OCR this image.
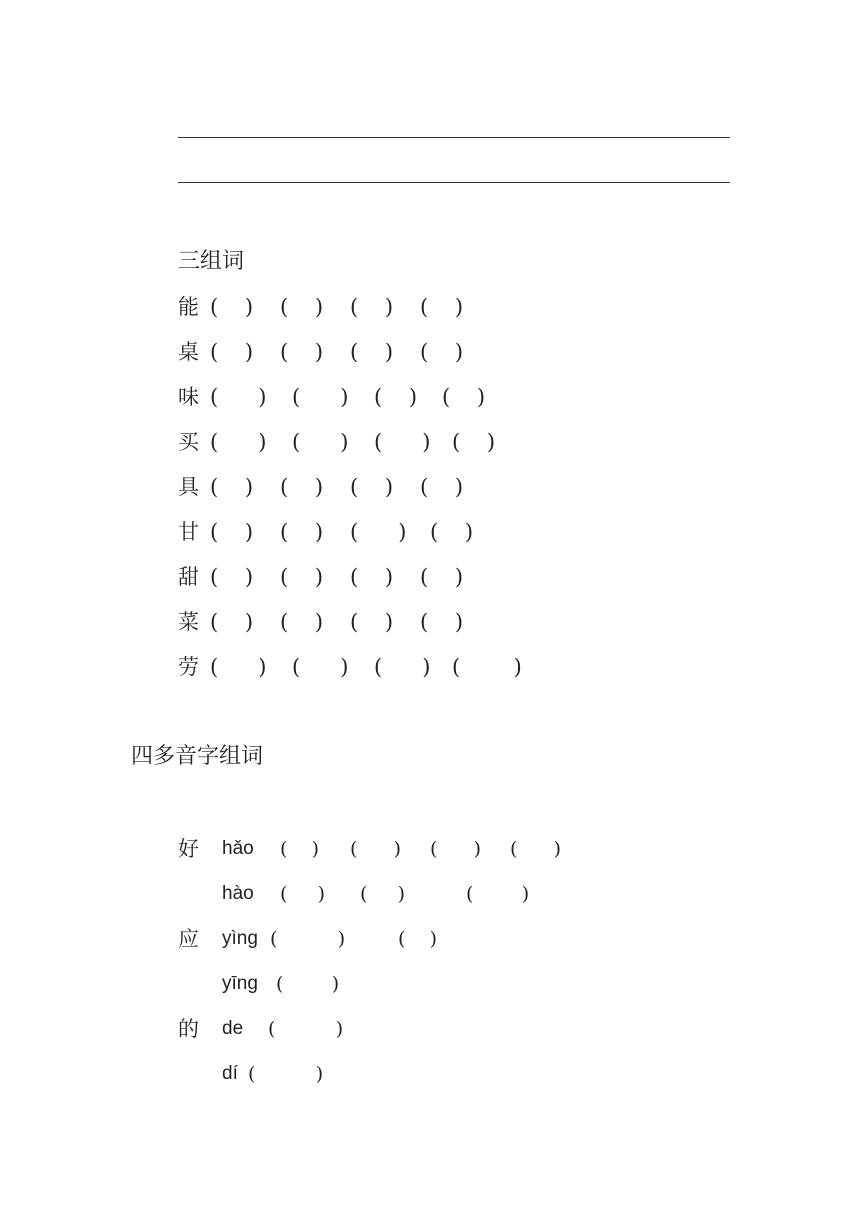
三组词
能 (    ) (    ) (    ) (    )
桌 (    ) (    ) (    ) (    )
味 (      ) (      ) (    ) (    )
买 (      ) (      ) (      ) (    )
具 (    ) (    ) (    ) (    )
甘 (    ) (    ) (      ) (    )
甜 (    ) (    ) (    ) (    )
菜 (    ) (    ) (    ) (    )
劳 (      ) (      ) (      ) (        )
四多音字组词
好 hǎo (    ) (      ) (      ) (      )
hào (     ) (     )	(        )
应 yìng (          )	(    )
yīng (        )
的 de (          )
dí (          )
